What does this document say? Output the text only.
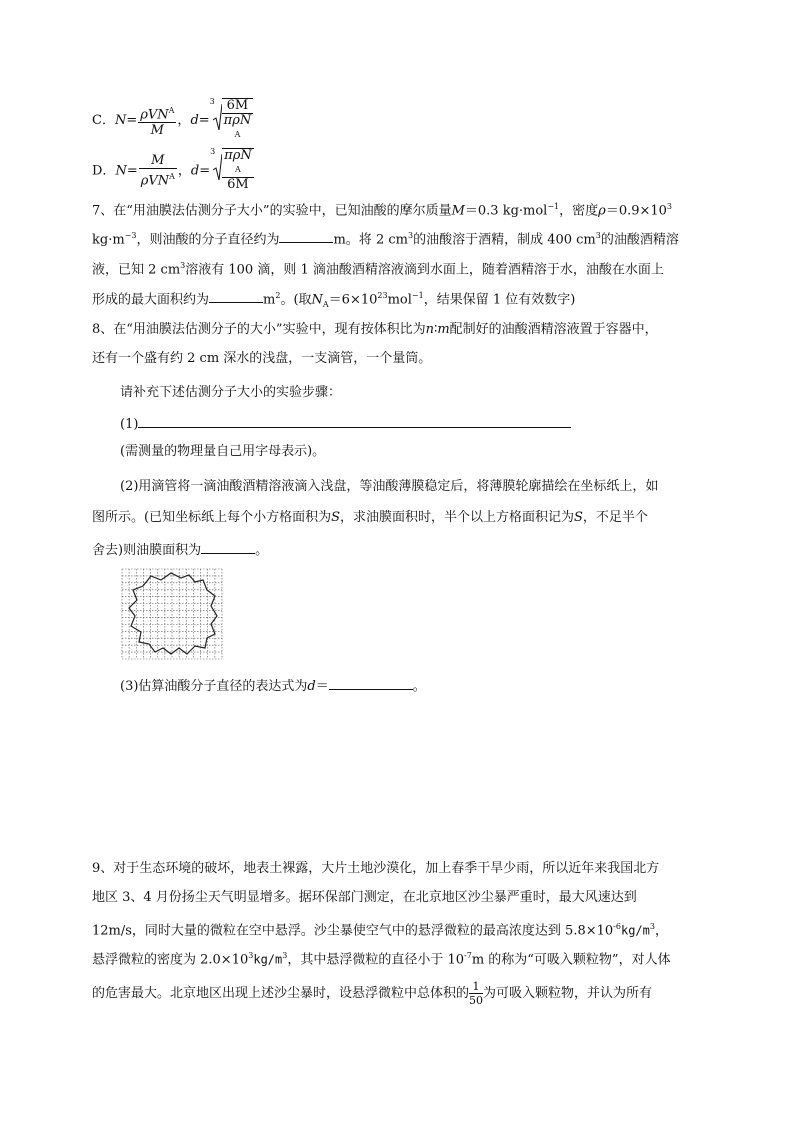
C．$N= \frac{\rho VN^A}{M}$ ，d=
3 6M
πρN
A
D．$N= \frac{M}{\rho VN^A}$ ，d=
3 πρN
A
6M
7、在“用油膜法估测分子大小”的实验中，已知油酸的摩尔质量M＝0.3 kg·mol$^{-1}$，密度$\rho=0.9\times 10^3$
$kg\cdot m^{-3}$，则油酸的分子直径约为	m。将 2 $cm^3$的油酸溶于酒精，制成 400 $cm^3$的油酸酒精溶
液，已知 2 $cm^3$溶液有 100 滴，则 1 滴油酸酒精溶液滴到水面上，随着酒精溶于水，油酸在水面上
形成的最大面积约为	$m^2$。(取$N_A=6\times 10^{23}mol^{-1}$，结果保留 1 位有效数字)
8、在“用油膜法估测分子的大小”实验中，现有按体积比为n∶m配制好的油酸酒精溶液置于容器中，
还有一个盛有约 2 cm 深水的浅盘，一支滴管，一个量筒。
请补充下述估测分子大小的实验步骤：
(1)
(需测量的物理量自己用字母表示)。
(2)用滴管将一滴油酸酒精溶液滴入浅盘，等油酸薄膜稳定后，将薄膜轮廓描绘在坐标纸上，如
图所示。(已知坐标纸上每个小方格面积为S，求油膜面积时，半个以上方格面积记为S，不足半个
舍去)则油膜面积为	。
(3)估算油酸分子直径的表达式为d＝	。
9、对于生态环境的破坏，地表土裸露，大片土地沙漠化，加上春季干旱少雨，所以近年来我国北方
地区 3、4 月份扬尘天气明显增多。据环保部门测定，在北京地区沙尘暴严重时，最大风速达到
12m/s，同时大量的微粒在空中悬浮。沙尘暴使空气中的悬浮微粒的最高浓度达到 $5.8\times 10^{-6}kg/m^3$，
悬浮微粒的密度为 $2.0\times 10^3kg/m^3$，其中悬浮微粒的直径小于 $10^{-7}m$ 的称为“可吸入颗粒物”，对人体
的危害最大。北京地区出现上述沙尘暴时，设悬浮微粒中总体积的 $\frac{1}{50}$ 为可吸入颗粒物，并认为所有
